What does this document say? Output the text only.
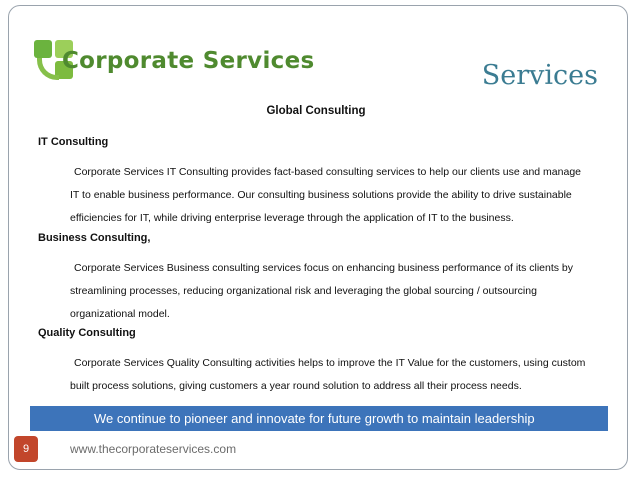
Corporate Services	Services
Global Consulting
IT Consulting
Corporate Services IT Consulting provides fact-based consulting services to help our clients use and manage
IT to enable business performance. Our consulting business solutions provide the ability to drive sustainable
efficiencies for IT, while driving enterprise leverage through the application of IT to the business.
Business Consulting,
Corporate Services Business consulting services focus on enhancing business performance of its clients by
streamlining processes, reducing organizational risk and leveraging the global sourcing / outsourcing
organizational model.
Quality Consulting
Corporate Services Quality Consulting activities helps to improve the IT Value for the customers, using custom
built process solutions, giving customers a year round solution to address all their process needs.
We continue to pioneer and innovate for future growth to maintain leadership
9	www.thecorporateservices.com
